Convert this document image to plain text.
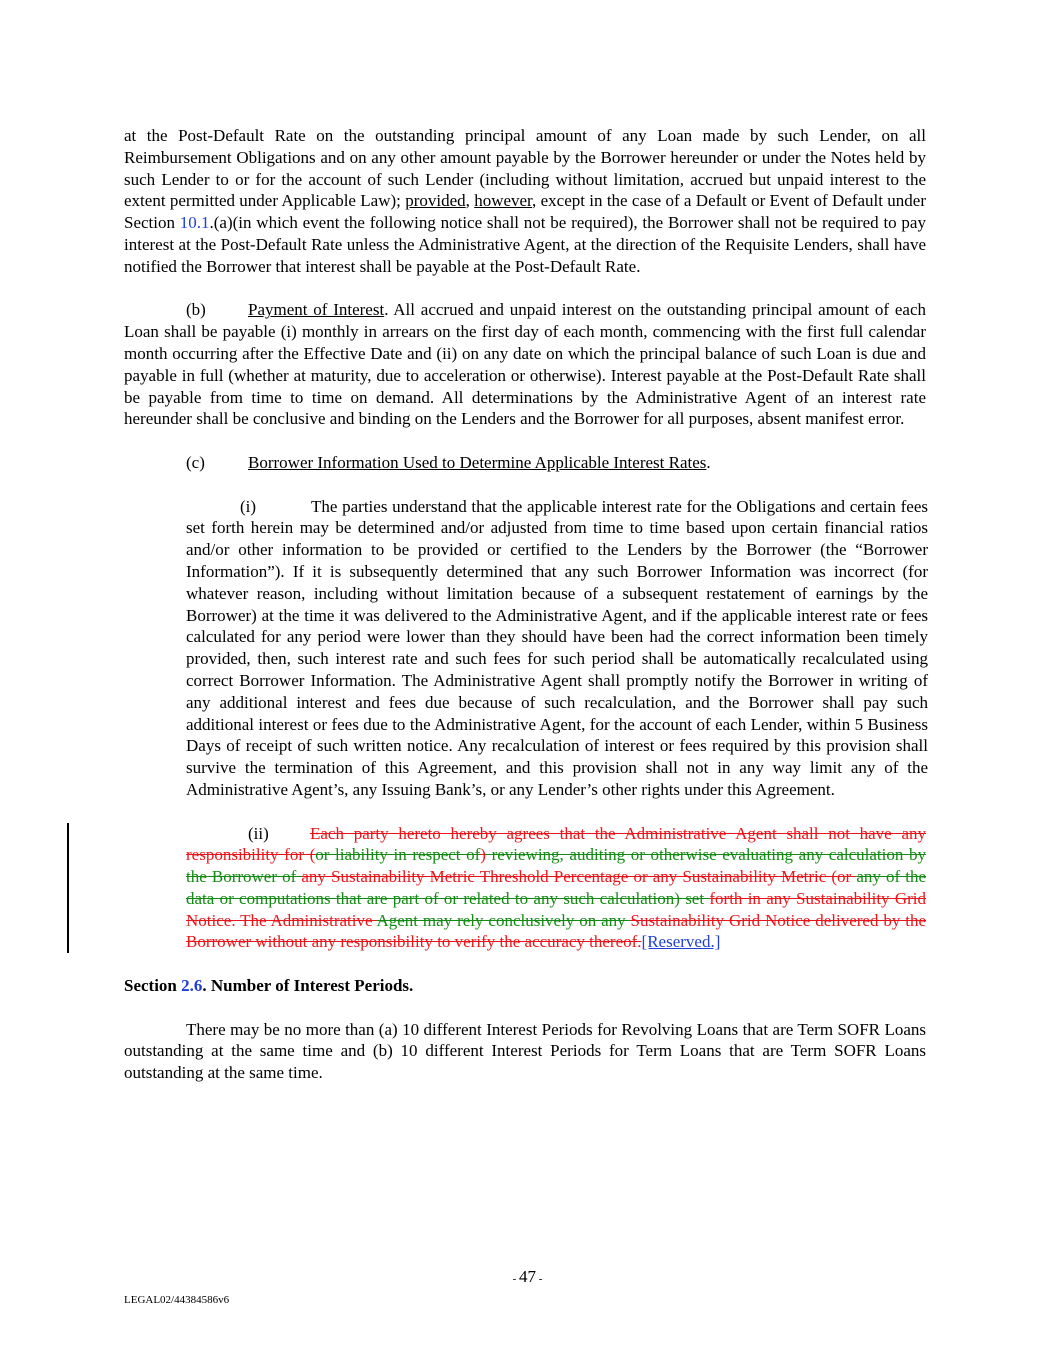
at the Post-Default Rate on the outstanding principal amount of any Loan made by such Lender, on all Reimbursement Obligations and on any other amount payable by the Borrower hereunder or under the Notes held by such Lender to or for the account of such Lender (including without limitation, accrued but unpaid interest to the extent permitted under Applicable Law); provided, however, except in the case of a Default or Event of Default under Section 10.1.(a)(in which event the following notice shall not be required), the Borrower shall not be required to pay interest at the Post-Default Rate unless the Administrative Agent, at the direction of the Requisite Lenders, shall have notified the Borrower that interest shall be payable at the Post-Default Rate.

(b) Payment of Interest. All accrued and unpaid interest on the outstanding principal amount of each Loan shall be payable (i) monthly in arrears on the first day of each month, commencing with the first full calendar month occurring after the Effective Date and (ii) on any date on which the principal balance of such Loan is due and payable in full (whether at maturity, due to acceleration or otherwise). Interest payable at the Post-Default Rate shall be payable from time to time on demand. All determinations by the Administrative Agent of an interest rate hereunder shall be conclusive and binding on the Lenders and the Borrower for all purposes, absent manifest error.

(c)	Borrower Information Used to Determine Applicable Interest Rates.

(i)	The parties understand that the applicable interest rate for the Obligations and certain fees set forth herein may be determined and/or adjusted from time to time based upon certain financial ratios and/or other information to be provided or certified to the Lenders by the Borrower (the “Borrower Information”). If it is subsequently determined that any such Borrower Information was incorrect (for whatever reason, including without limitation because of a subsequent restatement of earnings by the Borrower) at the time it was delivered to the Administrative Agent, and if the applicable interest rate or fees calculated for any period were lower than they should have been had the correct information been timely provided, then, such interest rate and such fees for such period shall be automatically recalculated using correct Borrower Information. The Administrative Agent shall promptly notify the Borrower in writing of any additional interest and fees due because of such recalculation, and the Borrower shall pay such additional interest or fees due to the Administrative Agent, for the account of each Lender, within 5 Business Days of receipt of such written notice. Any recalculation of interest or fees required by this provision shall survive the termination of this Agreement, and this provision shall not in any way limit any of the Administrative Agent’s, any Issuing Bank’s, or any Lender’s other rights under this Agreement.

(ii) Each party hereto hereby agrees that the Administrative Agent shall not have any responsibility for (or liability in respect of) reviewing, auditing or otherwise evaluating any calculation by the Borrower of any Sustainability Metric Threshold Percentage or any Sustainability Metric (or any of the data or computations that are part of or related to any such calculation) set forth in any Sustainability Grid Notice. The Administrative Agent may rely conclusively on any Sustainability Grid Notice delivered by the Borrower without any responsibility to verify the accuracy thereof.[Reserved.]

Section 2.6. Number of Interest Periods.

There may be no more than (a) 10 different Interest Periods for Revolving Loans that are Term SOFR Loans outstanding at the same time and (b) 10 different Interest Periods for Term Loans that are Term SOFR Loans outstanding at the same time.

- 47 -
LEGAL02/44384586v6
